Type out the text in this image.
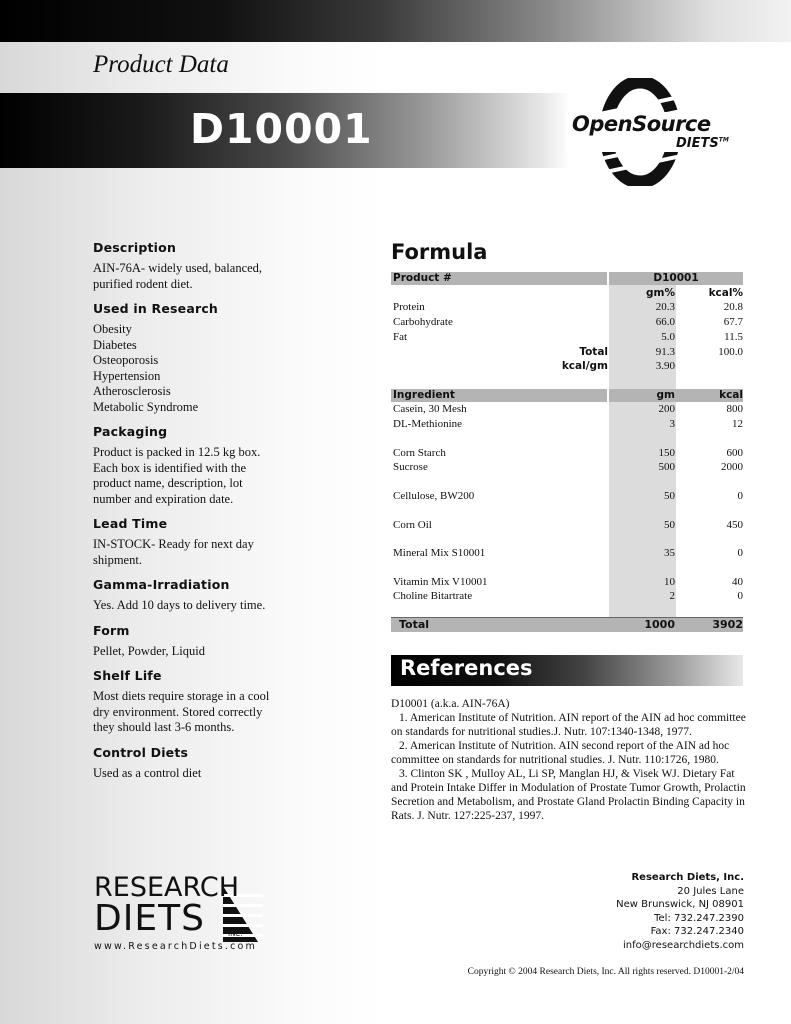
Product Data
D10001	OpenSource
DIETS™
Description
AIN-76A- widely used, balanced,
purified rodent diet.
Used in Research
Obesity
Diabetes
Osteoporosis
Hypertension
Atherosclerosis
Metabolic Syndrome
Packaging
Product is packed in 12.5 kg box.
Each box is identified with the
product name, description, lot
number and expiration date.
Lead Time
IN-STOCK- Ready for next day
shipment.
Gamma-Irradiation
Yes. Add 10 days to delivery time.
Form
Pellet, Powder, Liquid
Shelf Life
Most diets require storage in a cool
dry environment. Stored correctly
they should last 3-6 months.
Control Diets
Used as a control diet
Formula
Product #	D10001
gm%	kcal%
Protein	20.3	20.8
Carbohydrate	66.0	67.7
Fat	5.0	11.5
Total	91.3	100.0
kcal/gm	3.90
Ingredient	gm	kcal
Casein, 30 Mesh	200	800
DL-Methionine	3	12
Corn Starch	150	600
Sucrose	500	2000
Cellulose, BW200	50	0
Corn Oil	50	450
Mineral Mix S10001	35	0
Vitamin Mix V10001	10	40
Choline Bitartrate	2	0
Total	1000	3902
References

D10001 (a.k.a. AIN-76A)

1. American Institute of Nutrition. AIN report of the AIN ad hoc committee on standards for nutritional studies.J. Nutr. 107:1340-1348, 1977.

2. American Institute of Nutrition. AIN second report of the AIN ad hoc committee on standards for nutritional studies. J. Nutr. 110:1726, 1980.

3. Clinton SK , Mulloy AL, Li SP, Manglan HJ, & Visek WJ. Dietary Fat and Protein Intake Differ in Modulation of Prostate Tumor Growth, Prolactin Secretion and Metabolism, and Prostate Gland Prolactin Binding Capacity in Rats. J. Nutr. 127:225-237, 1997.

RESEARCH
DIETS	INC.
www.ResearchDiets.com
Research Diets, Inc.
20 Jules Lane
New Brunswick, NJ 08901
Tel: 732.247.2390
Fax: 732.247.2340
info@researchdiets.com
Copyright © 2004 Research Diets, Inc. All rights reserved. D10001-2/04
